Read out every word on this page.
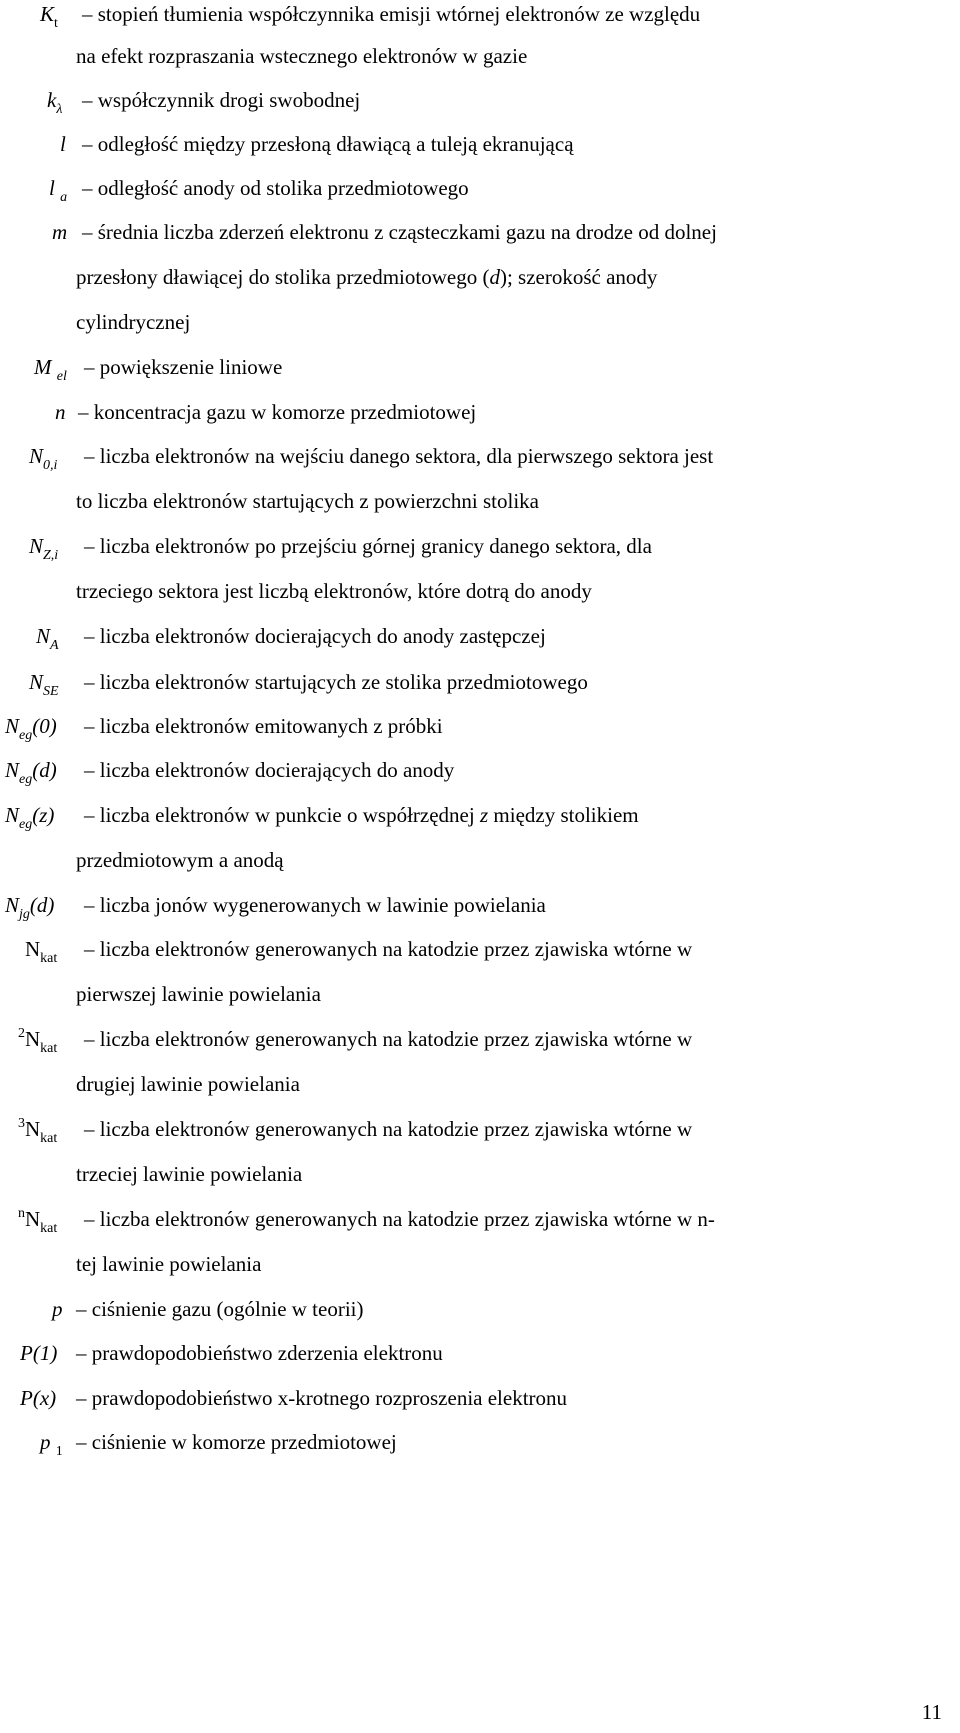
$K_t$	– stopień tłumienia współczynnika emisji wtórnej elektronów ze względu
na efekt rozpraszania wstecznego elektronów w gazie
$k_\lambda$	– współczynnik drogi swobodnej
l	– odległość między przesłoną dławiącą a tuleją ekranującą
l $_a$	– odległość anody od stolika przedmiotowego
m	– średnia liczba zderzeń elektronu z cząsteczkami gazu na drodze od dolnej
przesłony dławiącej do stolika przedmiotowego (d); szerokość anody
cylindrycznej
M $_{el}$	– powiększenie liniowe
n	– koncentracja gazu w komorze przedmiotowej
$N_{0,i}$	– liczba elektronów na wejściu danego sektora, dla pierwszego sektora jest
to liczba elektronów startujących z powierzchni stolika
$N_{Z,i}$	– liczba elektronów po przejściu górnej granicy danego sektora, dla
trzeciego sektora jest liczbą elektronów, które dotrą do anody
$N_A$	– liczba elektronów docierających do anody zastępczej
$N_{SE}$	– liczba elektronów startujących ze stolika przedmiotowego
$N_{eg}(0)$	– liczba elektronów emitowanych z próbki
$N_{eg}(d)$	– liczba elektronów docierających do anody
$N_{eg}(z)$	– liczba elektronów w punkcie o współrzędnej z między stolikiem
przedmiotowym a anodą
$N_{jg}(d)$	– liczba jonów wygenerowanych w lawinie powielania
$N_{kat}$	– liczba elektronów generowanych na katodzie przez zjawiska wtórne w
pierwszej lawinie powielania
$^2N_{kat}$	– liczba elektronów generowanych na katodzie przez zjawiska wtórne w
drugiej lawinie powielania
$^3N_{kat}$	– liczba elektronów generowanych na katodzie przez zjawiska wtórne w
trzeciej lawinie powielania
$^nN_{kat}$	– liczba elektronów generowanych na katodzie przez zjawiska wtórne w n-
tej lawinie powielania
p	– ciśnienie gazu (ogólnie w teorii)
P(1)	– prawdopodobieństwo zderzenia elektronu
P(x)	– prawdopodobieństwo x-krotnego rozproszenia elektronu
p $_1$	– ciśnienie w komorze przedmiotowej
11
